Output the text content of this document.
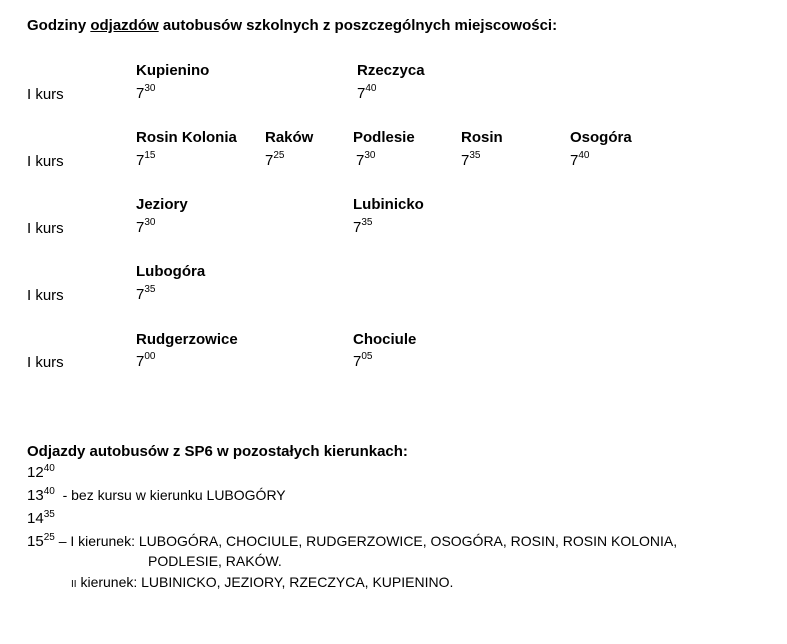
Godziny odjazdów autobusów szkolnych z poszczególnych miejscowości:
Kupienino
$7^{30}$
Rzeczyca
$7^{40}$
I kurs
Rosin Kolonia
$7^{15}$
Raków
$7^{25}$
Podlesie
$7^{30}$
Rosin
$7^{35}$
Osogóra
$7^{40}$
I kurs
Jeziory
$7^{30}$
Lubinicko
$7^{35}$
I kurs
Lubogóra
$7^{35}$
I kurs
Rudgerzowice
$7^{00}$
Chociule
$7^{05}$
I kurs
Odjazdy autobusów z SP6 w pozostałych kierunkach:
$12^{40}$
$13^{40}$  - bez kursu w kierunku LUBOGÓRY
$14^{35}$
$15^{25}$ – I kierunek: LUBOGÓRA, CHOCIULE, RUDGERZOWICE, OSOGÓRA, ROSIN, ROSIN KOLONIA,
PODLESIE, RAKÓW.
II kierunek: LUBINICKO, JEZIORY, RZECZYCA, KUPIENINO.
